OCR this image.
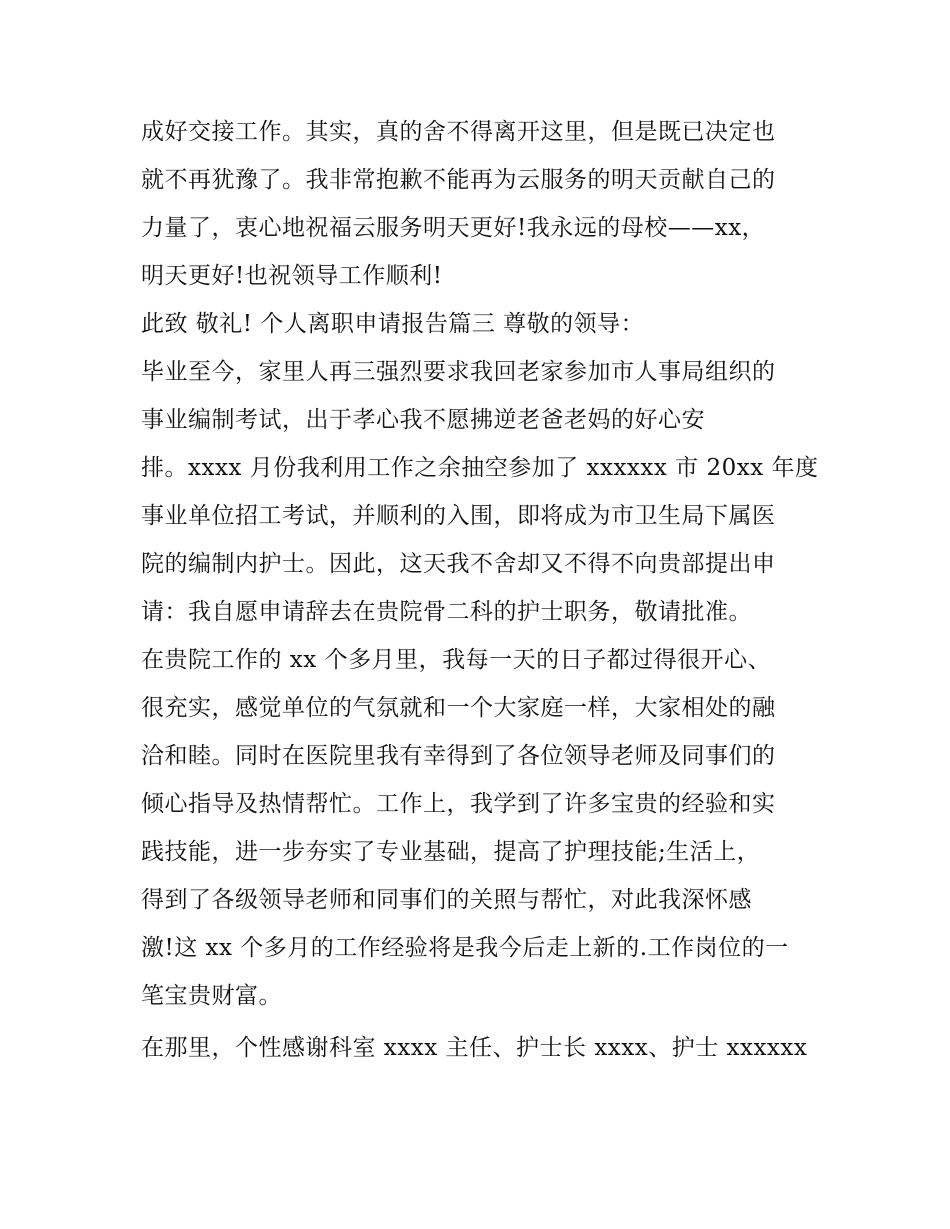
成好交接工作。其实，真的舍不得离开这里，但是既已决定也
就不再犹豫了。我非常抱歉不能再为云服务的明天贡献自己的
力量了，衷心地祝福云服务明天更好!我永远的母校——xx，
明天更好!也祝领导工作顺利!
此致 敬礼! 个人离职申请报告篇三 尊敬的领导：
毕业至今，家里人再三强烈要求我回老家参加市人事局组织的
事业编制考试，出于孝心我不愿拂逆老爸老妈的好心安
排。xxxx 月份我利用工作之余抽空参加了 xxxxxx 市 20xx 年度
事业单位招工考试，并顺利的入围，即将成为市卫生局下属医
院的编制内护士。因此，这天我不舍却又不得不向贵部提出申
请：我自愿申请辞去在贵院骨二科的护士职务，敬请批准。
在贵院工作的 xx 个多月里，我每一天的日子都过得很开心、
很充实，感觉单位的气氛就和一个大家庭一样，大家相处的融
洽和睦。同时在医院里我有幸得到了各位领导老师及同事们的
倾心指导及热情帮忙。工作上，我学到了许多宝贵的经验和实
践技能，进一步夯实了专业基础，提高了护理技能;生活上，
得到了各级领导老师和同事们的关照与帮忙，对此我深怀感
激!这 xx 个多月的工作经验将是我今后走上新的.工作岗位的一
笔宝贵财富。
在那里，个性感谢科室 xxxx 主任、护士长 xxxx、护士 xxxxxx
